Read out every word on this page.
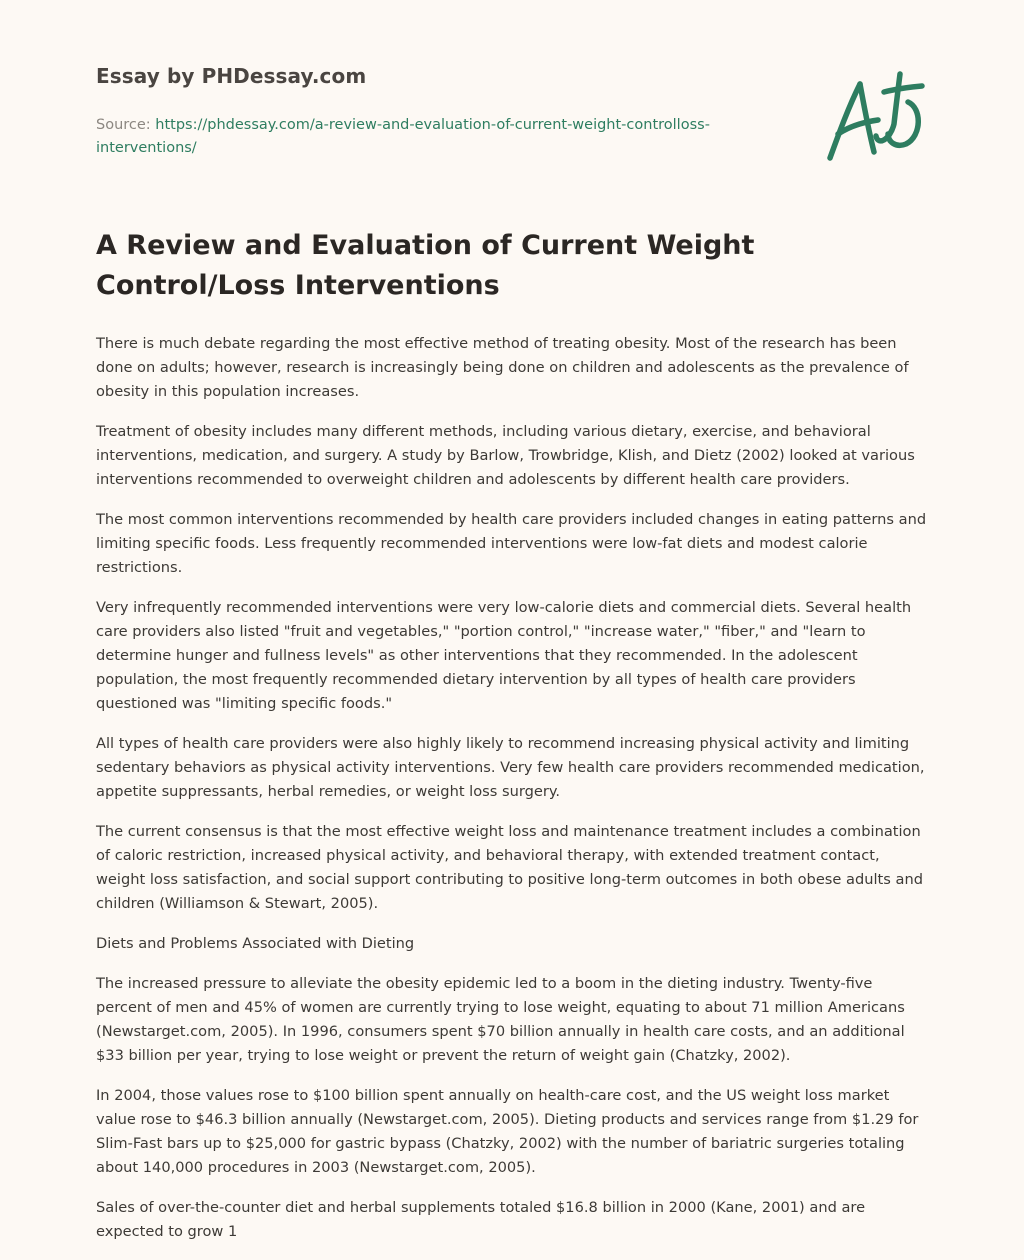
Essay by PHDessay.com
Source: https://phdessay.com/a-review-and-evaluation-of-current-weight-controlloss-interventions/
A Review and Evaluation of Current Weight Control/Loss Interventions

There is much debate regarding the most effective method of treating obesity. Most of the research has been done on adults; however, research is increasingly being done on children and adolescents as the prevalence of obesity in this population increases.

Treatment of obesity includes many different methods, including various dietary, exercise, and behavioral interventions, medication, and surgery. A study by Barlow, Trowbridge, Klish, and Dietz (2002) looked at various interventions recommended to overweight children and adolescents by different health care providers.

The most common interventions recommended by health care providers included changes in eating patterns and limiting specific foods. Less frequently recommended interventions were low-fat diets and modest calorie restrictions.

Very infrequently recommended interventions were very low-calorie diets and commercial diets. Several health care providers also listed "fruit and vegetables," "portion control," "increase water," "fiber," and "learn to determine hunger and fullness levels" as other interventions that they recommended. In the adolescent population, the most frequently recommended dietary intervention by all types of health care providers questioned was "limiting specific foods."

All types of health care providers were also highly likely to recommend increasing physical activity and limiting sedentary behaviors as physical activity interventions. Very few health care providers recommended medication, appetite suppressants, herbal remedies, or weight loss surgery.

The current consensus is that the most effective weight loss and maintenance treatment includes a combination of caloric restriction, increased physical activity, and behavioral therapy, with extended treatment contact, weight loss satisfaction, and social support contributing to positive long-term outcomes in both obese adults and children (Williamson & Stewart, 2005).

Diets and Problems Associated with Dieting

The increased pressure to alleviate the obesity epidemic led to a boom in the dieting industry. Twenty-five percent of men and 45% of women are currently trying to lose weight, equating to about 71 million Americans (Newstarget.com, 2005). In 1996, consumers spent $70 billion annually in health care costs, and an additional $33 billion per year, trying to lose weight or prevent the return of weight gain (Chatzky, 2002).

In 2004, those values rose to $100 billion spent annually on health-care cost, and the US weight loss market value rose to $46.3 billion annually (Newstarget.com, 2005). Dieting products and services range from $1.29 for Slim-Fast bars up to $25,000 for gastric bypass (Chatzky, 2002) with the number of bariatric surgeries totaling about 140,000 procedures in 2003 (Newstarget.com, 2005).

Sales of over-the-counter diet and herbal supplements totaled $16.8 billion in 2000 (Kane, 2001) and are expected to grow 1
